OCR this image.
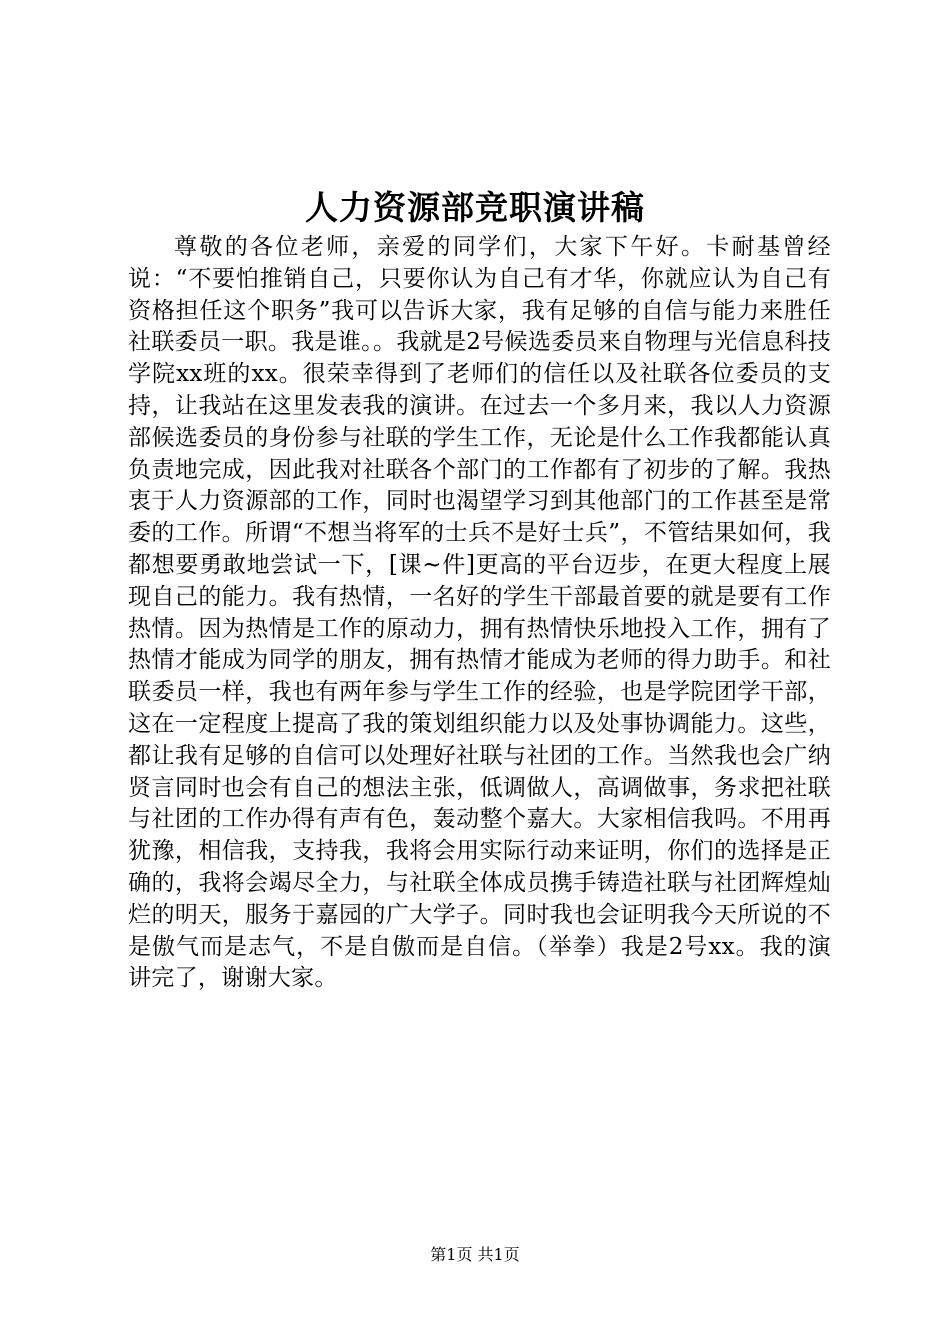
人力资源部竞职演讲稿

尊敬的各位老师，亲爱的同学们，大家下午好。卡耐基曾经说：“不要怕推销自己，只要你认为自己有才华，你就应认为自己有资格担任这个职务”我可以告诉大家，我有足够的自信与能力来胜任社联委员一职。我是谁。。我就是2号候选委员来自物理与光信息科技学院xx班的xx。很荣幸得到了老师们的信任以及社联各位委员的支持，让我站在这里发表我的演讲。在过去一个多月来，我以人力资源部候选委员的身份参与社联的学生工作，无论是什么工作我都能认真负责地完成，因此我对社联各个部门的工作都有了初步的了解。我热衷于人力资源部的工作，同时也渴望学习到其他部门的工作甚至是常委的工作。所谓“不想当将军的士兵不是好士兵”，不管结果如何，我都想要勇敢地尝试一下，[课~件]更高的平台迈步，在更大程度上展现自己的能力。我有热情，一名好的学生干部最首要的就是要有工作热情。因为热情是工作的原动力，拥有热情快乐地投入工作，拥有了热情才能成为同学的朋友，拥有热情才能成为老师的得力助手。和社联委员一样，我也有两年参与学生工作的经验，也是学院团学干部，这在一定程度上提高了我的策划组织能力以及处事协调能力。这些，都让我有足够的自信可以处理好社联与社团的工作。当然我也会广纳贤言同时也会有自己的想法主张，低调做人，高调做事，务求把社联与社团的工作办得有声有色，轰动整个嘉大。大家相信我吗。不用再犹豫，相信我，支持我，我将会用实际行动来证明，你们的选择是正确的，我将会竭尽全力，与社联全体成员携手铸造社联与社团辉煌灿烂的明天，服务于嘉园的广大学子。同时我也会证明我今天所说的不是傲气而是志气，不是自傲而是自信。（举拳）我是2号xx。我的演讲完了，谢谢大家。

第1页 共1页
